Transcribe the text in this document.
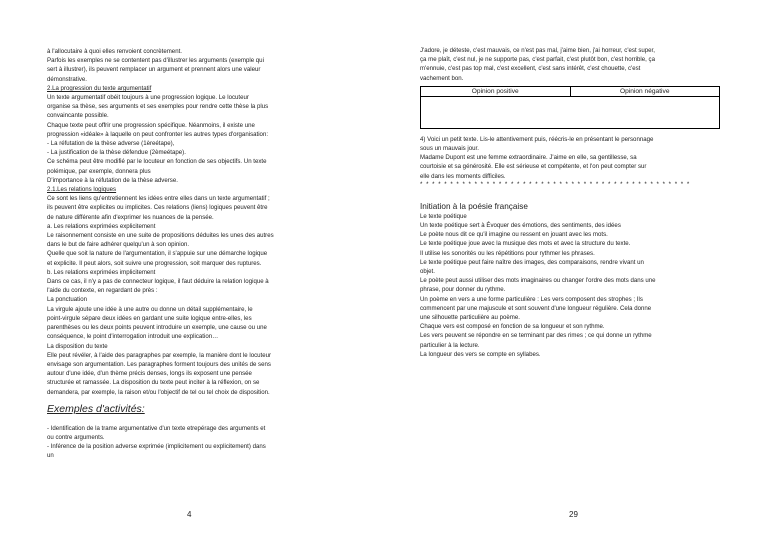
à l'allocutaire à quoi elles renvoient concrètement.
Parfois les exemples ne se contentent pas d'illustrer les arguments (exemple qui
sert à illustrer), ils peuvent remplacer un argument et prennent alors une valeur
démonstrative.
2.La progression du texte argumentatif
Un texte argumentatif obéit toujours à une progression logique. Le locuteur
organise sa thèse, ses arguments et ses exemples pour rendre cette thèse la plus
convaincante possible.
Chaque texte peut offrir une progression spécifique. Néanmoins, il existe une
progression «idéale» à laquelle on peut confronter les autres types d'organisation:
- La réfutation de la thèse adverse (1èreétape),
- La justification de la thèse défendue (2èmeétape).
Ce schéma peut être modifié par le locuteur en fonction de ses objectifs. Un texte
polémique, par exemple, donnera plus
D'importance à la réfutation de la thèse adverse.
2.1.Les relations logiques
Ce sont les liens qu'entretiennent les idées entre elles dans un texte argumentatif ;
ils peuvent être explicites ou implicites. Ces relations (liens) logiques peuvent être
de nature différente afin d'exprimer les nuances de la pensée.
a. Les relations exprimées explicitement
Le raisonnement consiste en une suite de propositions déduites les unes des autres
dans le but de faire adhérer quelqu'un à son opinion.
Quelle que soit la nature de l'argumentation, il s'appuie sur une démarche logique
et explicite. Il peut alors, soit suivre une progression, soit marquer des ruptures.
b. Les relations exprimées implicitement
Dans ce cas, il n'y a pas de connecteur logique, il faut déduire la relation logique à
l'aide du contexte, en regardant de près :
La ponctuation
La virgule ajoute une idée à une autre ou donne un détail supplémentaire, le
point-virgule sépare deux idées en gardant une suite logique entre-elles, les
parenthèses ou les deux points peuvent introduire un exemple, une cause ou une
conséquence, le point d'interrogation introduit une explication…
La disposition du texte
Elle peut révéler, à l'aide des paragraphes par exemple, la manière dont le locuteur
envisage son argumentation. Les paragraphes forment toujours des unités de sens
autour d'une idée, d'un thème précis denses, longs ils exposent une pensée
structurée et ramassée. La disposition du texte peut inciter à la réflexion, on se
demandera, par exemple, la raison et/ou l'objectif de tel ou tel choix de disposition.
Exemples d'activités:
- Identification de la trame argumentative d'un texte etrepérage des arguments et
ou contre arguments.
- Inférence de la position adverse exprimée (implicitement ou explicitement) dans
un
4
J'adore, je déteste, c'est mauvais, ce n'est pas mal, j'aime bien, j'ai horreur, c'est super,
ça me plaît, c'est nul, je ne supporte pas, c'est parfait, c'est plutôt bon, c'est horrible, ça
m'ennuie, c'est pas top mal, c'est excellent, c'est sans intérêt, c'est chouette, c'est
vachement bon.
Opinion positive	Opinion négative

4) Voici un petit texte. Lis-le attentivement puis, réécris-le en présentant le personnage
sous un mauvais jour.
Madame Dupont est une femme extraordinaire. J'aime en elle, sa gentillesse, sa
courtoisie et sa générosité. Elle est sérieuse et compétente, et l'on peut compter sur
elle dans les moments difficiles.
* * * * * * * * * * * * * * * * * * * * * * * * * * * * * * * * * * * * * * * * * * * * *
Initiation à la poésie française
Le texte poétique
Un texte poétique sert à Évoquer des émotions, des sentiments, des idées
Le poète nous dit ce qu'il imagine ou ressent en jouant avec les mots.
Le texte poétique joue avec la musique des mots et avec la structure du texte.
Il utilise les sonorités ou les répétitions pour rythmer les phrases.
Le texte poétique peut faire naître des images, des comparaisons, rendre vivant un
objet.
Le poète peut aussi utiliser des mots imaginaires ou changer l'ordre des mots dans une
phrase, pour donner du rythme.
Un poème en vers a une forme particulière : Les vers composent des strophes ; Ils
commencent par une majuscule et sont souvent d'une longueur régulière. Cela donne
une silhouette particulière au poème.
Chaque vers est composé en fonction de sa longueur et son rythme.
Les vers peuvent se répondre en se terminant par des rimes ; ce qui donne un rythme
particulier à la lecture.
La longueur des vers se compte en syllabes.
29
